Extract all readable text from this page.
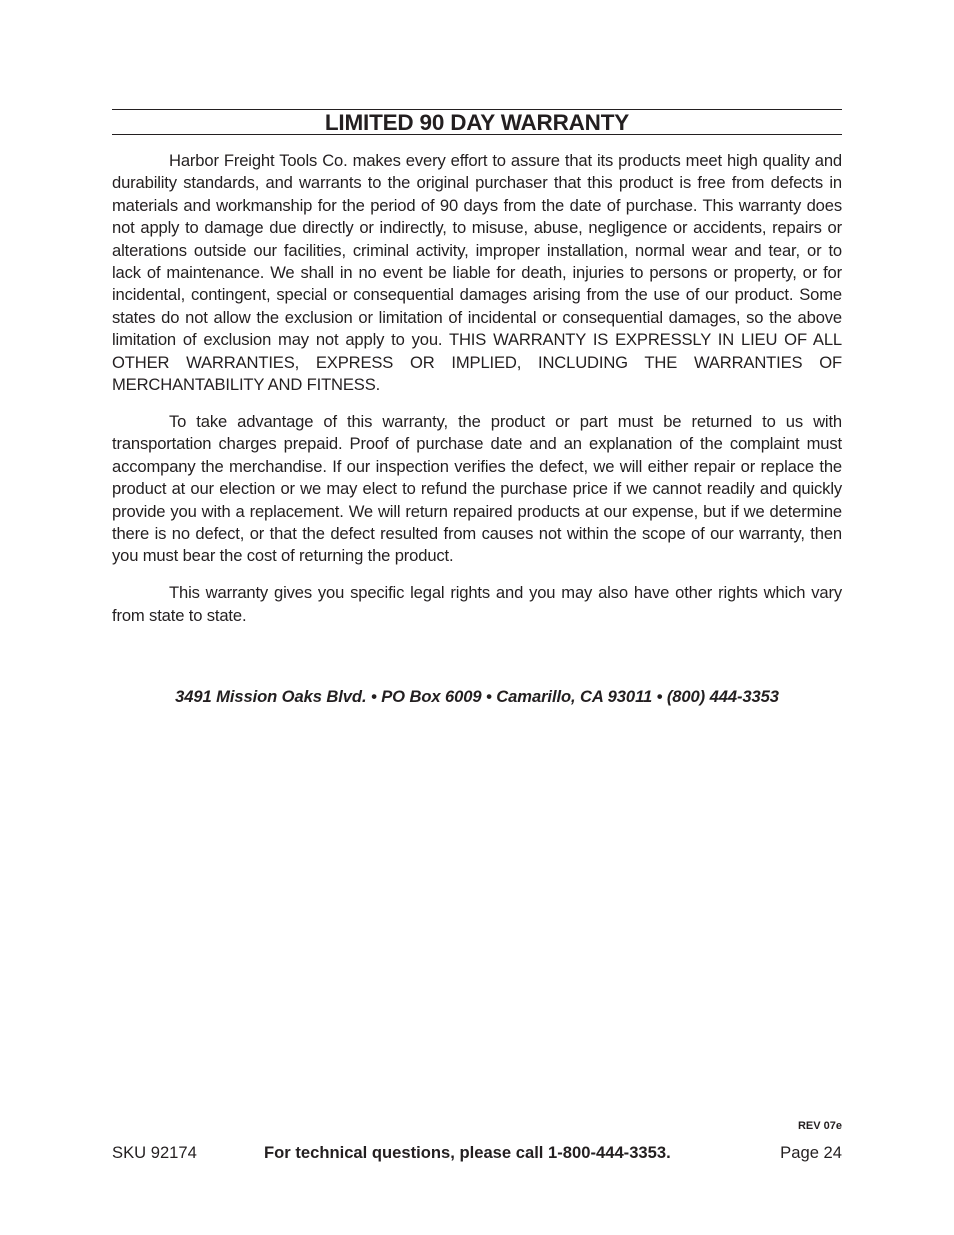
LIMITED 90 DAY WARRANTY

Harbor Freight Tools Co. makes every effort to assure that its products meet high quality and durability standards, and warrants to the original purchaser that this product is free from defects in materials and workmanship for the period of 90 days from the date of purchase. This warranty does not apply to damage due directly or indirectly, to misuse, abuse, negligence or accidents, repairs or alterations outside our facilities, criminal activity, improper installation, normal wear and tear, or to lack of maintenance. We shall in no event be liable for death, injuries to persons or property, or for incidental, contingent, special or consequential damages arising from the use of our product. Some states do not allow the exclusion or limitation of incidental or consequential damages, so the above limitation of exclusion may not apply to you. THIS WARRANTY IS EXPRESSLY IN LIEU OF ALL OTHER WARRANTIES, EXPRESS OR IMPLIED, INCLUDING THE WARRANTIES OF MERCHANTABILITY AND FITNESS.

To take advantage of this warranty, the product or part must be returned to us with transportation charges prepaid. Proof of purchase date and an explanation of the complaint must accompany the merchandise. If our inspection verifies the defect, we will either repair or replace the product at our election or we may elect to refund the purchase price if we cannot readily and quickly provide you with a replacement. We will return repaired products at our expense, but if we determine there is no defect, or that the defect resulted from causes not within the scope of our warranty, then you must bear the cost of returning the product.

This warranty gives you specific legal rights and you may also have other rights which vary from state to state.

3491 Mission Oaks Blvd. • PO Box 6009 • Camarillo, CA 93011 • (800) 444-3353
REV 07e
SKU 92174	For technical questions, please call 1-800-444-3353.	Page 24
